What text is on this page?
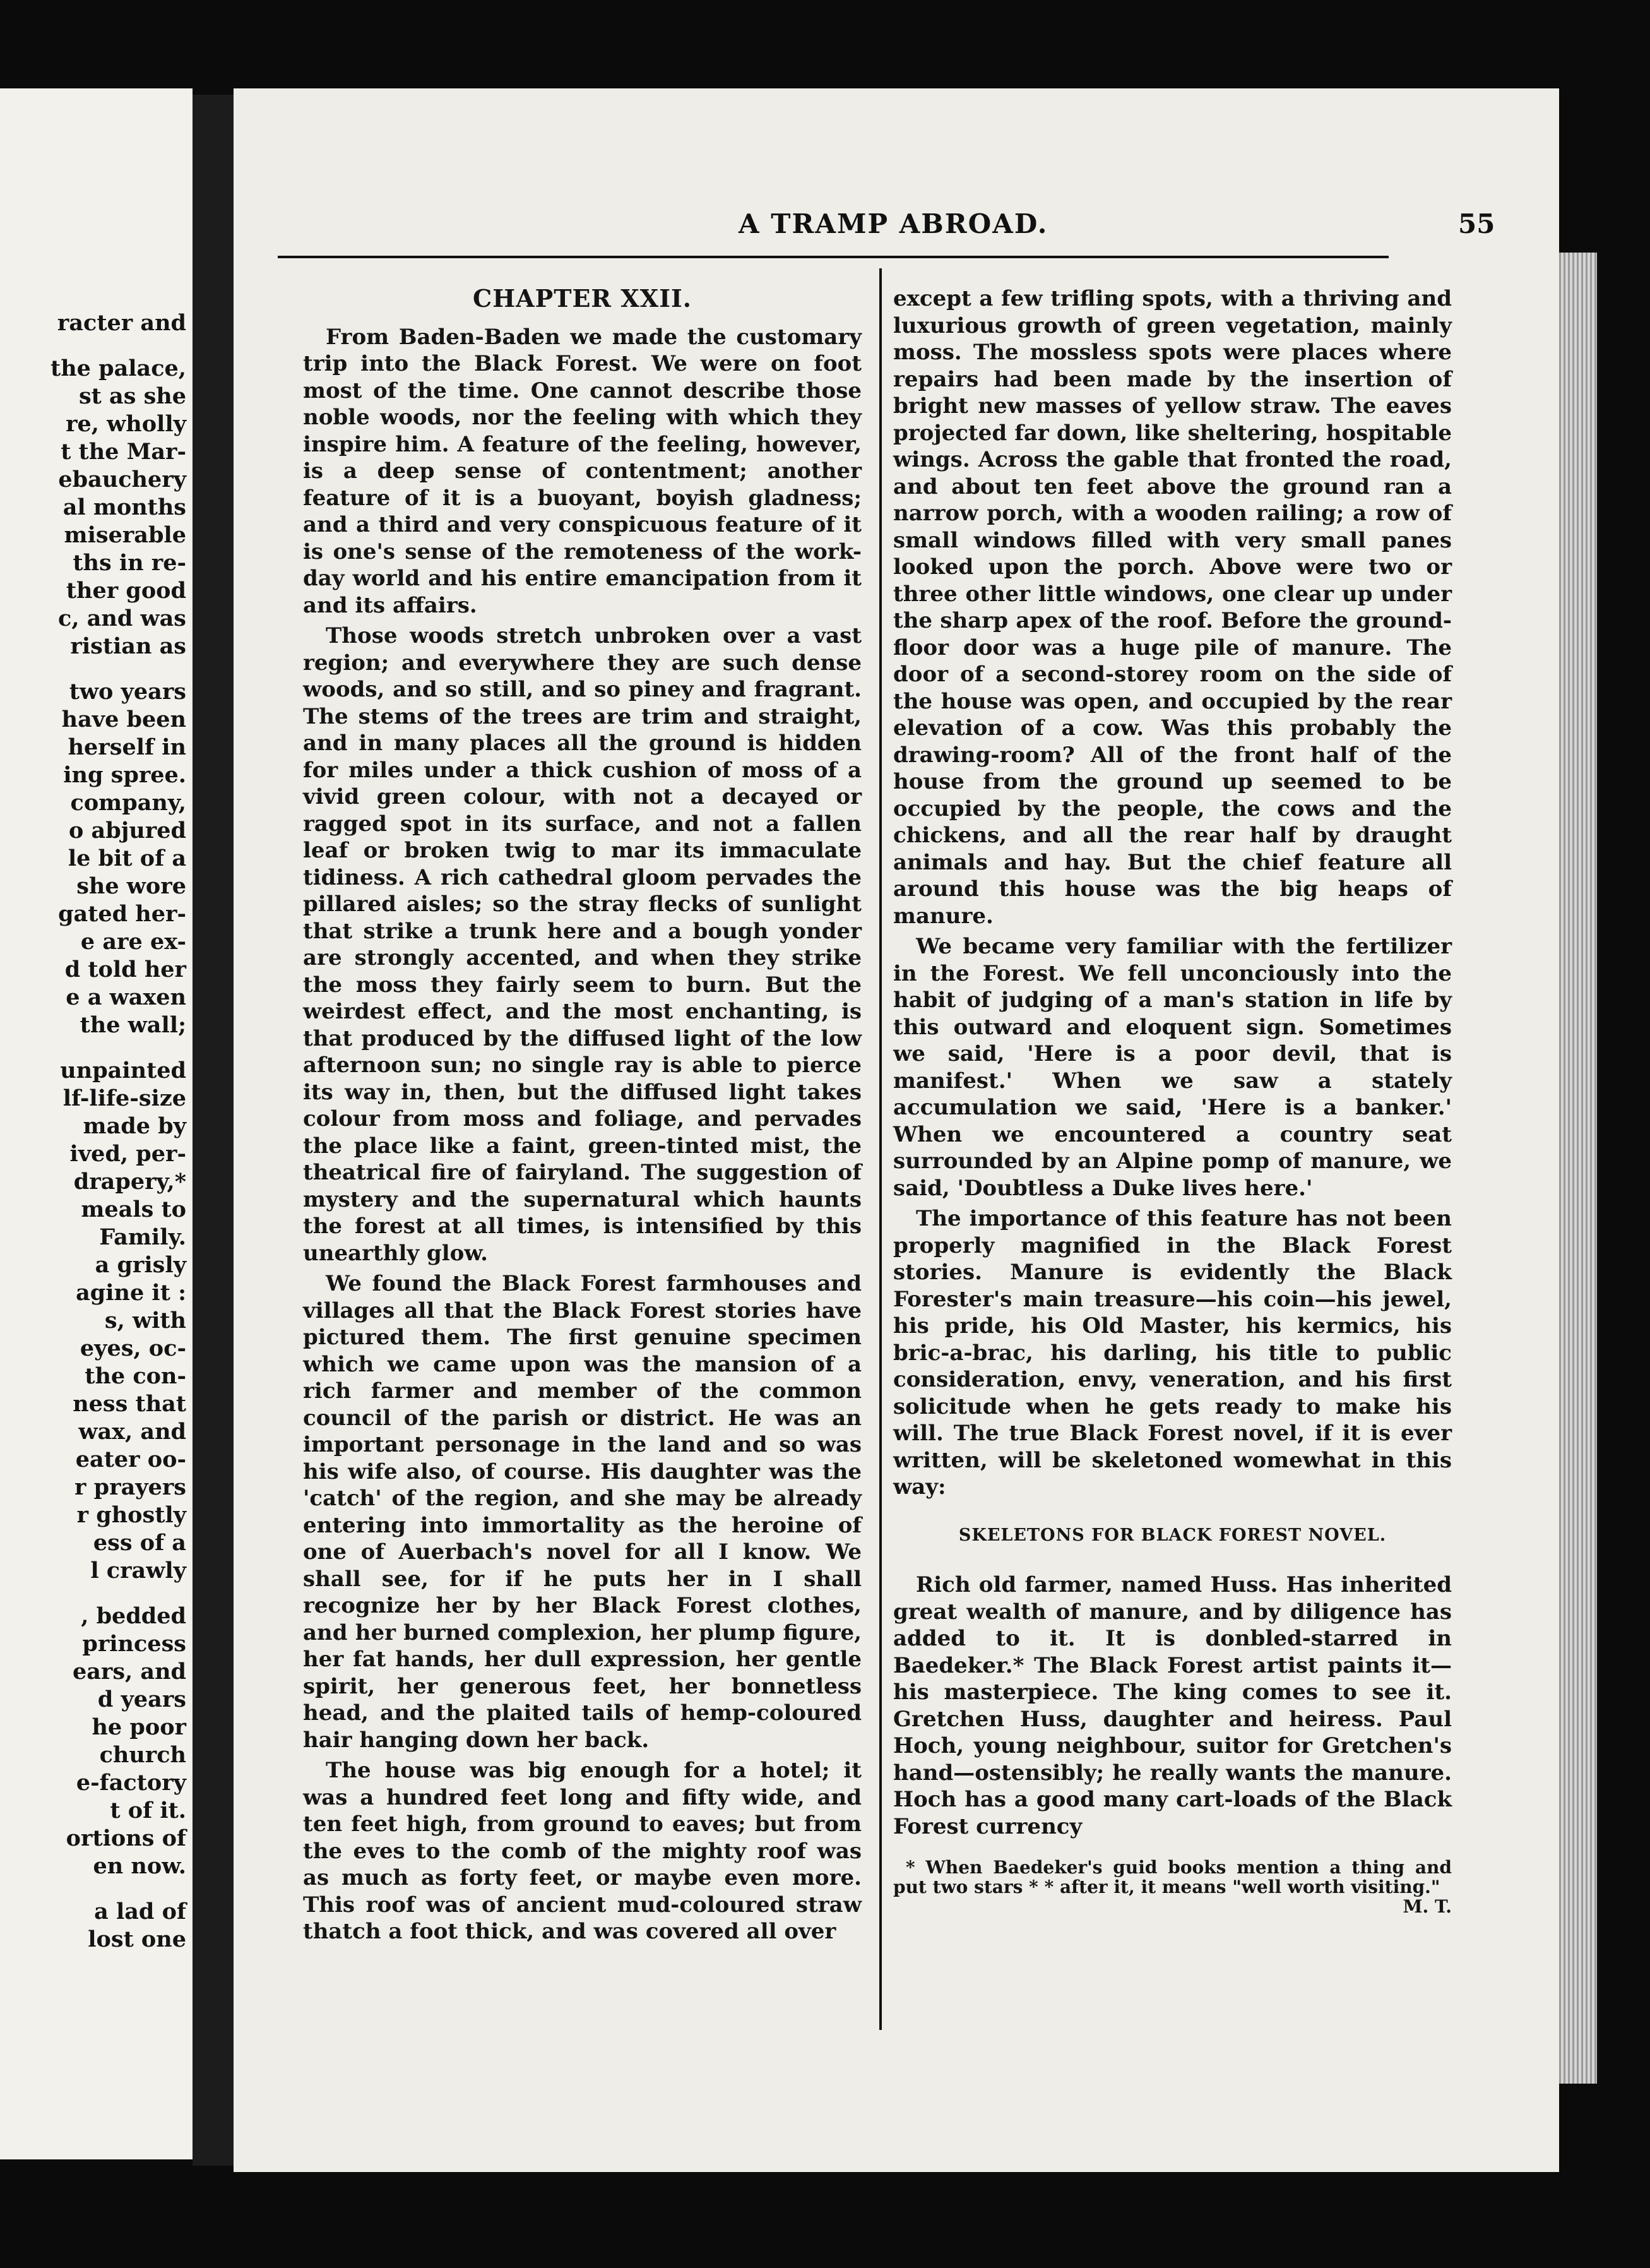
racter and
the palace,
st as she
re, wholly
t the Mar-
ebauchery
al months
miserable
ths in re-
ther good
c, and was
ristian as
two years
have been
herself in
ing spree.
company,
o abjured
le bit of a
she wore
gated her-
e are ex-
d told her
e a waxen
the wall;
unpainted
lf-life-size
made by
ived, per-
drapery,*
meals to
Family.
a grisly
agine it :
s, with
eyes, oc-
the con-
ness that
wax, and
eater oo-
r prayers
r ghostly
ess of a
l crawly
, bedded
princess
ears, and
d years
he poor
church
e-factory
t of it.
ortions of
en now.
a lad of
lost one
A TRAMP ABROAD.	55
CHAPTER XXII.

From Baden-Baden we made the customary trip into the Black Forest. We were on foot most of the time. One cannot describe those noble woods, nor the feeling with which they inspire him. A feature of the feeling, however, is a deep sense of contentment; another feature of it is a buoyant, boyish gladness; and a third and very conspicuous feature of it is one's sense of the remoteness of the work-day world and his entire emancipation from it and its affairs.

Those woods stretch unbroken over a vast region; and everywhere they are such dense woods, and so still, and so piney and fragrant. The stems of the trees are trim and straight, and in many places all the ground is hidden for miles under a thick cushion of moss of a vivid green colour, with not a decayed or ragged spot in its surface, and not a fallen leaf or broken twig to mar its immaculate tidiness. A rich cathedral gloom pervades the pillared aisles; so the stray flecks of sunlight that strike a trunk here and a bough yonder are strongly accented, and when they strike the moss they fairly seem to burn. But the weirdest effect, and the most enchanting, is that produced by the diffused light of the low afternoon sun; no single ray is able to pierce its way in, then, but the diffused light takes colour from moss and foliage, and pervades the place like a faint, green-tinted mist, the theatrical fire of fairyland. The suggestion of mystery and the supernatural which haunts the forest at all times, is intensified by this unearthly glow.

We found the Black Forest farmhouses and villages all that the Black Forest stories have pictured them. The first genuine specimen which we came upon was the mansion of a rich farmer and member of the common council of the parish or district. He was an important personage in the land and so was his wife also, of course. His daughter was the 'catch' of the region, and she may be already entering into immortality as the heroine of one of Auerbach's novel for all I know. We shall see, for if he puts her in I shall recognize her by her Black Forest clothes, and her burned complexion, her plump figure, her fat hands, her dull expression, her gentle spirit, her generous feet, her bonnetless head, and the plaited tails of hemp-coloured hair hanging down her back.

The house was big enough for a hotel; it was a hundred feet long and fifty wide, and ten feet high, from ground to eaves; but from the eves to the comb of the mighty roof was as much as forty feet, or maybe even more. This roof was of ancient mud-coloured straw thatch a foot thick, and was covered all over

except a few trifling spots, with a thriving and luxurious growth of green vegetation, mainly moss. The mossless spots were places where repairs had been made by the insertion of bright new masses of yellow straw. The eaves projected far down, like sheltering, hospitable wings. Across the gable that fronted the road, and about ten feet above the ground ran a narrow porch, with a wooden railing; a row of small windows filled with very small panes looked upon the porch. Above were two or three other little windows, one clear up under the sharp apex of the roof. Before the ground-floor door was a huge pile of manure. The door of a second-storey room on the side of the house was open, and occupied by the rear elevation of a cow. Was this probably the drawing-room? All of the front half of the house from the ground up seemed to be occupied by the people, the cows and the chickens, and all the rear half by draught animals and hay. But the chief feature all around this house was the big heaps of manure.

We became very familiar with the fertilizer in the Forest. We fell unconciously into the habit of judging of a man's station in life by this outward and eloquent sign. Sometimes we said, 'Here is a poor devil, that is manifest.' When we saw a stately accumulation we said, 'Here is a banker.' When we encountered a country seat surrounded by an Alpine pomp of manure, we said, 'Doubtless a Duke lives here.'

The importance of this feature has not been properly magnified in the Black Forest stories. Manure is evidently the Black Forester's main treasure—his coin—his jewel, his pride, his Old Master, his kermics, his bric-a-brac, his darling, his title to public consideration, envy, veneration, and his first solicitude when he gets ready to make his will. The true Black Forest novel, if it is ever written, will be skeletoned womewhat in this way:

SKELETONS FOR BLACK FOREST NOVEL.

Rich old farmer, named Huss. Has inherited great wealth of manure, and by diligence has added to it. It is donbled-starred in Baedeker.* The Black Forest artist paints it—his masterpiece. The king comes to see it. Gretchen Huss, daughter and heiress. Paul Hoch, young neighbour, suitor for Gretchen's hand—ostensibly; he really wants the manure. Hoch has a good many cart-loads of the Black Forest currency

* When Baedeker's guid books mention a thing and put two stars * * after it, it means "well worth visiting."
M. T.
